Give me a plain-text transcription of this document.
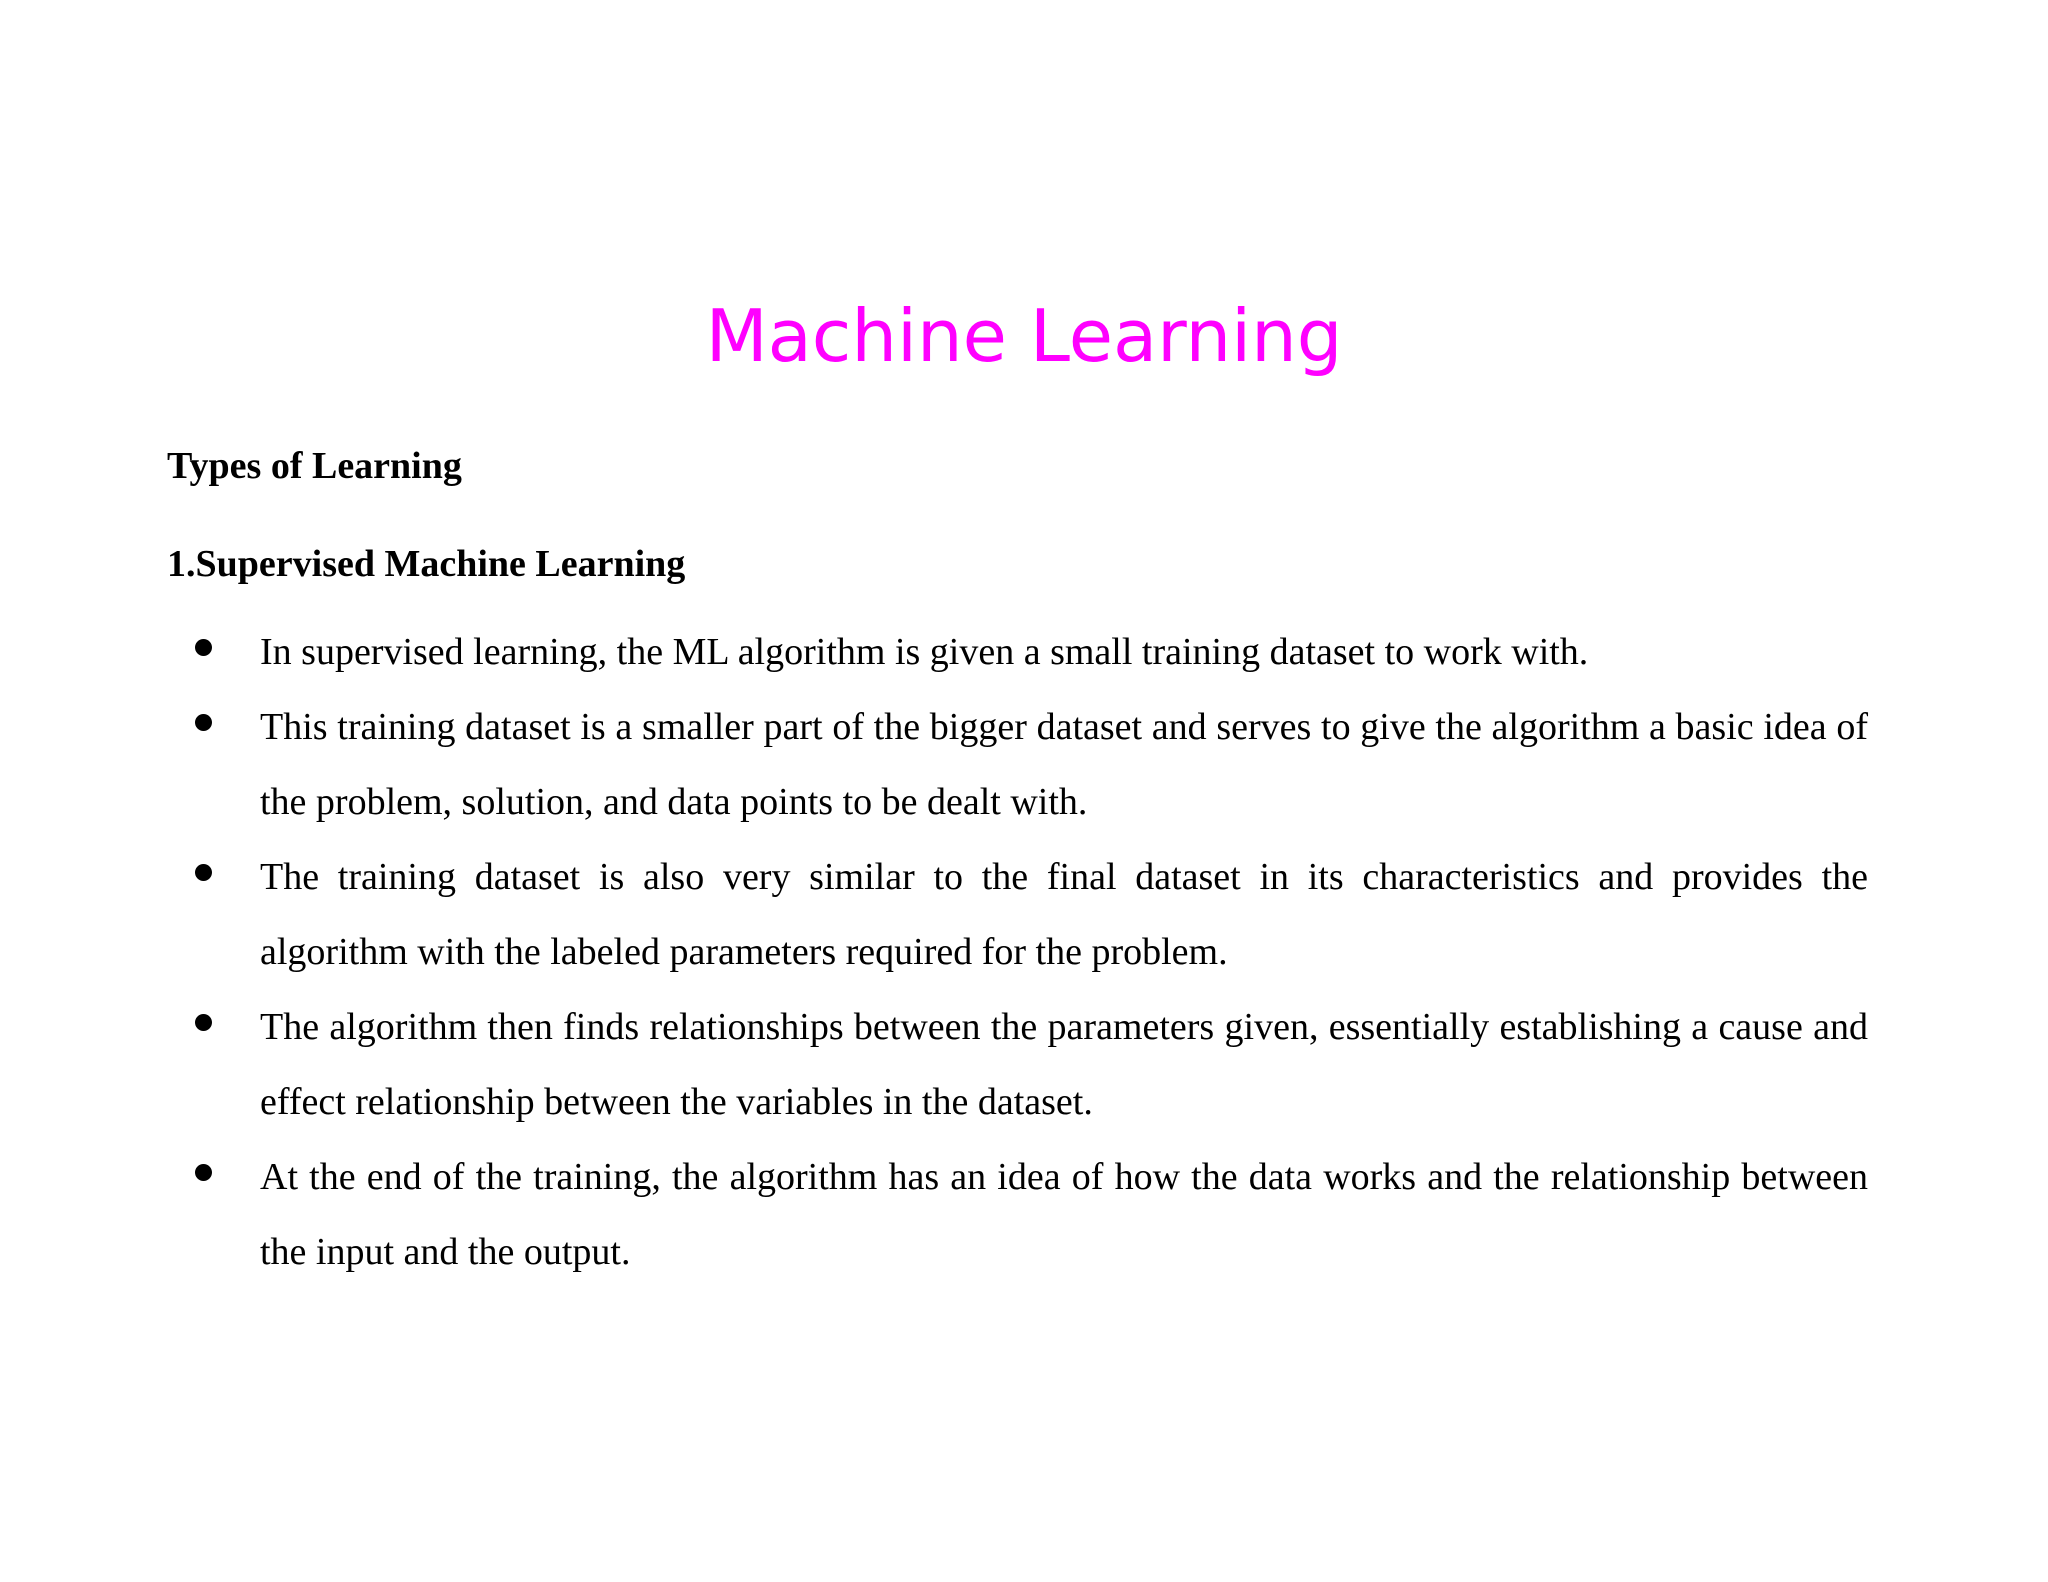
Machine Learning
Types of Learning
1.Supervised Machine Learning

In supervised learning, the ML algorithm is given a small training dataset to work with.

This training dataset is a smaller part of the bigger dataset and serves to give the algorithm a basic idea of the problem, solution, and data points to be dealt with.

The training dataset is also very similar to the final dataset in its characteristics and provides the algorithm with the labeled parameters required for the problem.

The algorithm then finds relationships between the parameters given, essentially establishing a cause and effect relationship between the variables in the dataset.

At the end of the training, the algorithm has an idea of how the data works and the relationship between the input and the output.
